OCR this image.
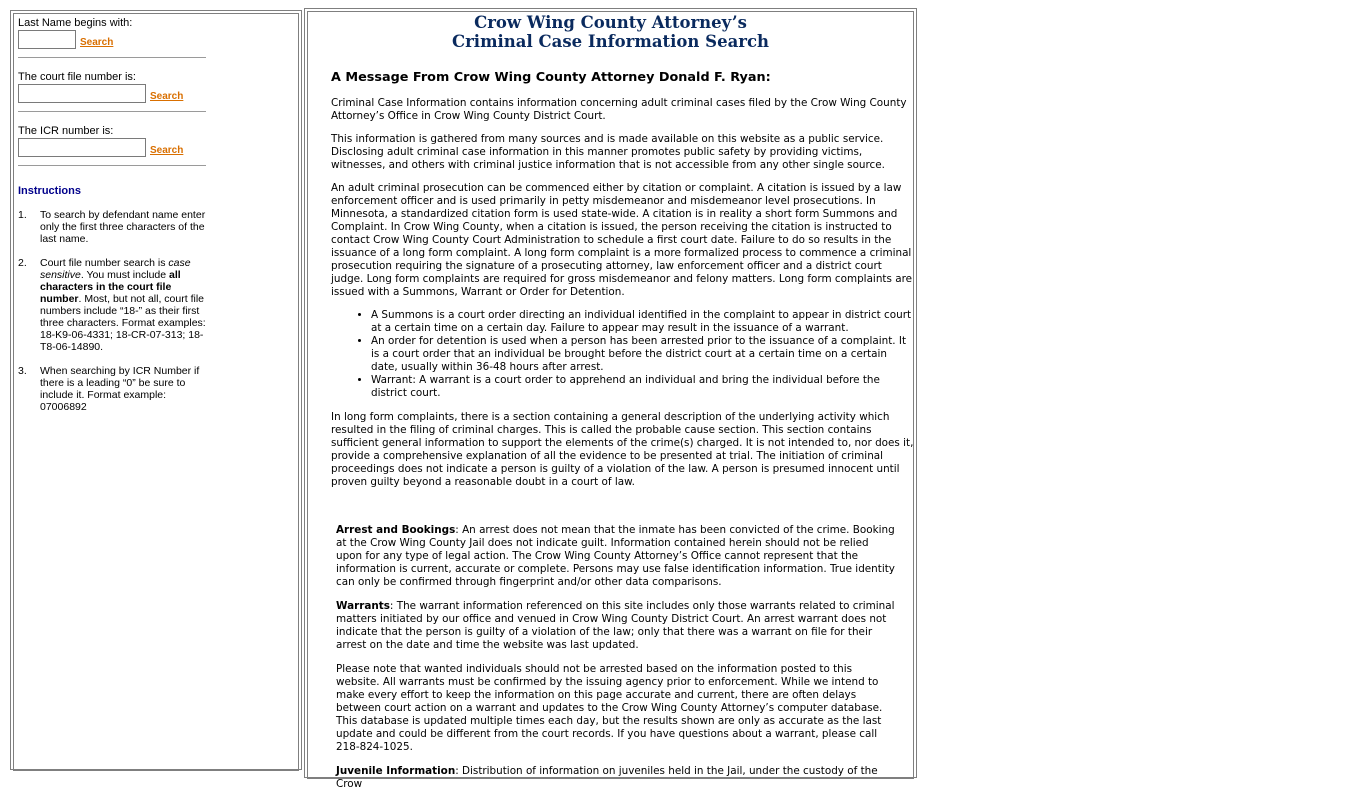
Last Name begins with:
Search
The court file number is:
Search
The ICR number is:
Search
Instructions
1. To search by defendant name enter only the first three characters of the last name.
2. Court file number search is case sensitive. You must include all characters in the court file number. Most, but not all, court file numbers include “18-” as their first three characters. Format examples: 18-K9-06-4331; 18-CR-07-313; 18-T8-06-14890.
3. When searching by ICR Number if there is a leading “0” be sure to include it. Format example: 07006892
Crow Wing County Attorney’s
Criminal Case Information Search
A Message From Crow Wing County Attorney Donald F. Ryan:

Criminal Case Information contains information concerning adult criminal cases filed by the Crow Wing County Attorney’s Office in Crow Wing County District Court.

This information is gathered from many sources and is made available on this website as a public service. Disclosing adult criminal case information in this manner promotes public safety by providing victims, witnesses, and others with criminal justice information that is not accessible from any other single source.

An adult criminal prosecution can be commenced either by citation or complaint. A citation is issued by a law enforcement officer and is used primarily in petty misdemeanor and misdemeanor level prosecutions. In Minnesota, a standardized citation form is used state-wide. A citation is in reality a short form Summons and Complaint. In Crow Wing County, when a citation is issued, the person receiving the citation is instructed to contact Crow Wing County Court Administration to schedule a first court date. Failure to do so results in the issuance of a long form complaint. A long form complaint is a more formalized process to commence a criminal prosecution requiring the signature of a prosecuting attorney, law enforcement officer and a district court judge. Long form complaints are required for gross misdemeanor and felony matters. Long form complaints are issued with a Summons, Warrant or Order for Detention.

• A Summons is a court order directing an individual identified in the complaint to appear in district court at a certain time on a certain day. Failure to appear may result in the issuance of a warrant.
• An order for detention is used when a person has been arrested prior to the issuance of a complaint. It is a court order that an individual be brought before the district court at a certain time on a certain date, usually within 36-48 hours after arrest.
• Warrant: A warrant is a court order to apprehend an individual and bring the individual before the district court.

In long form complaints, there is a section containing a general description of the underlying activity which resulted in the filing of criminal charges. This is called the probable cause section. This section contains sufficient general information to support the elements of the crime(s) charged. It is not intended to, nor does it, provide a comprehensive explanation of all the evidence to be presented at trial. The initiation of criminal proceedings does not indicate a person is guilty of a violation of the law. A person is presumed innocent until proven guilty beyond a reasonable doubt in a court of law.

Arrest and Bookings: An arrest does not mean that the inmate has been convicted of the crime. Booking at the Crow Wing County Jail does not indicate guilt. Information contained herein should not be relied upon for any type of legal action. The Crow Wing County Attorney’s Office cannot represent that the information is current, accurate or complete. Persons may use false identification information. True identity can only be confirmed through fingerprint and/or other data comparisons.

Warrants: The warrant information referenced on this site includes only those warrants related to criminal matters initiated by our office and venued in Crow Wing County District Court. An arrest warrant does not indicate that the person is guilty of a violation of the law; only that there was a warrant on file for their arrest on the date and time the website was last updated.

Please note that wanted individuals should not be arrested based on the information posted to this website. All warrants must be confirmed by the issuing agency prior to enforcement. While we intend to make every effort to keep the information on this page accurate and current, there are often delays between court action on a warrant and updates to the Crow Wing County Attorney’s computer database. This database is updated multiple times each day, but the results shown are only as accurate as the last update and could be different from the court records. If you have questions about a warrant, please call 218-824-1025.

Juvenile Information: Distribution of information on juveniles held in the Jail, under the custody of the Crow
